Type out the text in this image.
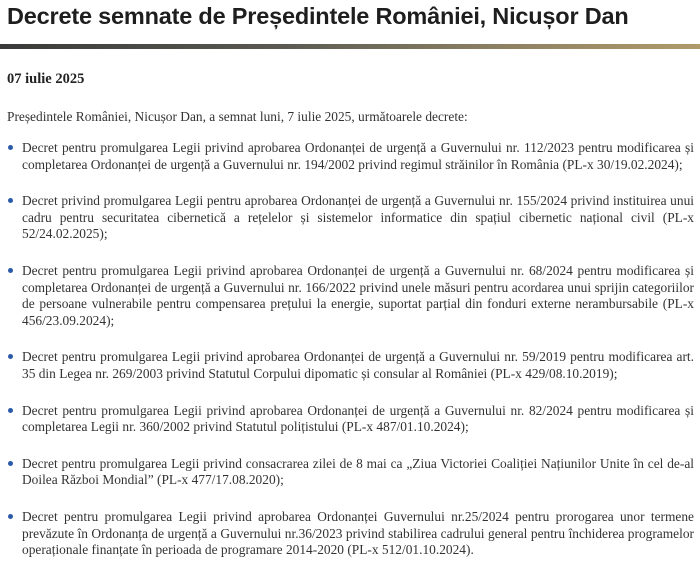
Decrete semnate de Președintele României, Nicușor Dan

07 iulie 2025

Președintele României, Nicușor Dan, a semnat luni, 7 iulie 2025, următoarele decrete:

Decret pentru promulgarea Legii privind aprobarea Ordonanței de urgență a Guvernului nr. 112/2023 pentru modificarea și completarea Ordonanței de urgență a Guvernului nr. 194/2002 privind regimul străinilor în România (PL-x 30/19.02.2024);
Decret privind promulgarea Legii pentru aprobarea Ordonanței de urgență a Guvernului nr. 155/2024 privind instituirea unui cadru pentru securitatea cibernetică a rețelelor și sistemelor informatice din spațiul cibernetic național civil (PL-x 52/24.02.2025);
Decret pentru promulgarea Legii privind aprobarea Ordonanței de urgență a Guvernului nr. 68/2024 pentru modificarea și completarea Ordonanței de urgență a Guvernului nr. 166/2022 privind unele măsuri pentru acordarea unui sprijin categoriilor de persoane vulnerabile pentru compensarea prețului la energie, suportat parțial din fonduri externe nerambursabile (PL-x 456/23.09.2024);
Decret pentru promulgarea Legii privind aprobarea Ordonanței de urgență a Guvernului nr. 59/2019 pentru modificarea art. 35 din Legea nr. 269/2003 privind Statutul Corpului dipomatic și consular al României (PL-x 429/08.10.2019);
Decret pentru promulgarea Legii privind aprobarea Ordonanței de urgență a Guvernului nr. 82/2024 pentru modificarea și completarea Legii nr. 360/2002 privind Statutul polițistului (PL-x 487/01.10.2024);
Decret pentru promulgarea Legii privind consacrarea zilei de 8 mai ca „Ziua Victoriei Coaliției Națiunilor Unite în cel de-al Doilea Război Mondial” (PL-x 477/17.08.2020);
Decret pentru promulgarea Legii privind aprobarea Ordonanței Guvernului nr.25/2024 pentru prorogarea unor termene prevăzute în Ordonanța de urgență a Guvernului nr.36/2023 privind stabilirea cadrului general pentru închiderea programelor operaționale finanțate în perioada de programare 2014-2020 (PL-x 512/01.10.2024).
